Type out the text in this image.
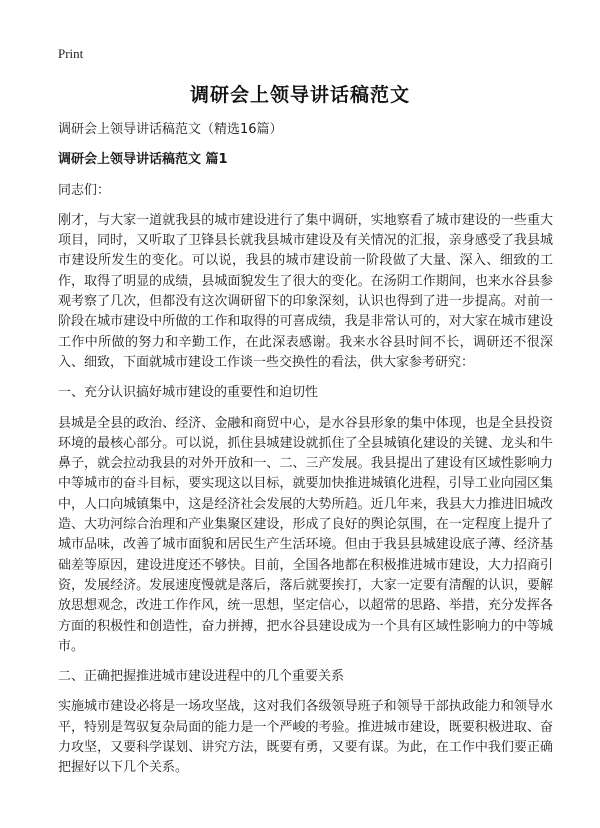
Print
调研会上领导讲话稿范文

调研会上领导讲话稿范文（精选16篇）

调研会上领导讲话稿范文 篇1

同志们：

刚才，与大家一道就我县的城市建设进行了集中调研，实地察看了城市建设的一些重大项目，同时，又听取了卫锋县长就我县城市建设及有关情况的汇报，亲身感受了我县城市建设所发生的变化。可以说，我县的城市建设前一阶段做了大量、深入、细致的工作，取得了明显的成绩，县城面貌发生了很大的变化。在汤阴工作期间，也来水谷县参观考察了几次，但都没有这次调研留下的印象深刻，认识也得到了进一步提高。对前一阶段在城市建设中所做的工作和取得的可喜成绩，我是非常认可的，对大家在城市建设工作中所做的努力和辛勤工作，在此深表感谢。我来水谷县时间不长，调研还不很深入、细致，下面就城市建设工作谈一些交换性的看法，供大家参考研究：

一、充分认识搞好城市建设的重要性和迫切性

县城是全县的政治、经济、金融和商贸中心，是水谷县形象的集中体现，也是全县投资环境的最核心部分。可以说，抓住县城建设就抓住了全县城镇化建设的关键、龙头和牛鼻子，就会拉动我县的对外开放和一、二、三产发展。我县提出了建设有区域性影响力中等城市的奋斗目标，要实现这以目标，就要加快推进城镇化进程，引导工业向园区集中，人口向城镇集中，这是经济社会发展的大势所趋。近几年来，我县大力推进旧城改造、大功河综合治理和产业集聚区建设，形成了良好的舆论氛围，在一定程度上提升了城市品味，改善了城市面貌和居民生产生活环境。但由于我县县城建设底子薄、经济基础差等原因，建设进度还不够快。目前，全国各地都在积极推进城市建设，大力招商引资，发展经济。发展速度慢就是落后，落后就要挨打，大家一定要有清醒的认识，要解放思想观念，改进工作作风，统一思想，坚定信心，以超常的思路、举措，充分发挥各方面的积极性和创造性，奋力拼搏，把水谷县建设成为一个具有区域性影响力的中等城市。

二、正确把握推进城市建设进程中的几个重要关系

实施城市建设必将是一场攻坚战，这对我们各级领导班子和领导干部执政能力和领导水平，特别是驾驭复杂局面的能力是一个严峻的考验。推进城市建设，既要积极进取、奋力攻坚，又要科学谋划、讲究方法，既要有勇，又要有谋。为此，在工作中我们要正确把握好以下几个关系。
